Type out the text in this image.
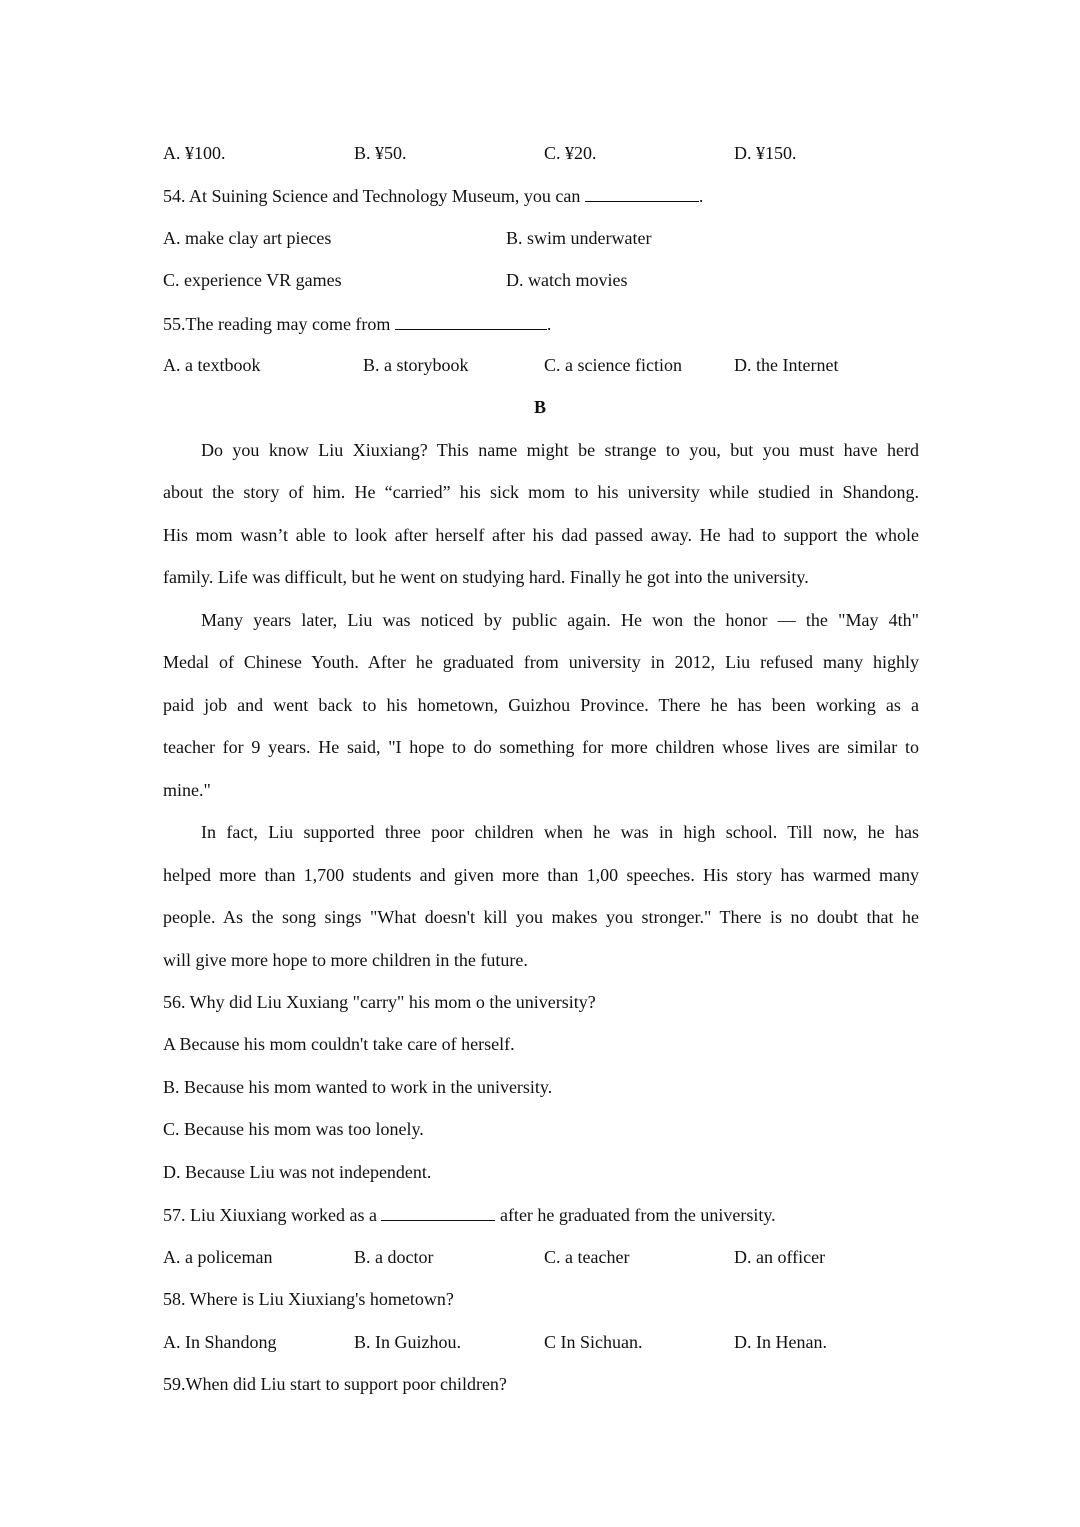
A. ¥100.	B. ¥50.	C. ¥20.	D. ¥150.
54. At Suining Science and Technology Museum, you can	.
A. make clay art pieces	B. swim underwater
C. experience VR games	D. watch movies
55.The reading may come from	.
A. a textbook	B. a storybook	C. a science fiction	D. the Internet
B
Do you know Liu Xiuxiang? This name might be strange to you, but you must have herd
about the story of him. He “carried” his sick mom to his university while studied in Shandong.
His mom wasn’t able to look after herself after his dad passed away. He had to support the whole
family. Life was difficult, but he went on studying hard. Finally he got into the university.
Many years later, Liu was noticed by public again. He won the honor — the "May 4th"
Medal of Chinese Youth. After he graduated from university in 2012, Liu refused many highly
paid job and went back to his hometown, Guizhou Province. There he has been working as a
teacher for 9 years. He said, "I hope to do something for more children whose lives are similar to
mine."
In fact, Liu supported three poor children when he was in high school. Till now, he has
helped more than 1,700 students and given more than 1,00 speeches. His story has warmed many
people. As the song sings "What doesn't kill you makes you stronger." There is no doubt that he
will give more hope to more children in the future.
56. Why did Liu Xuxiang "carry" his mom o the university?
A Because his mom couldn't take care of herself.
B. Because his mom wanted to work in the university.
C. Because his mom was too lonely.
D. Because Liu was not independent.
57. Liu Xiuxiang worked as a	after he graduated from the university.
A. a policeman	B. a doctor	C. a teacher	D. an officer
58. Where is Liu Xiuxiang's hometown?
A. In Shandong	B. In Guizhou.	C In Sichuan.	D. In Henan.
59.When did Liu start to support poor children?
